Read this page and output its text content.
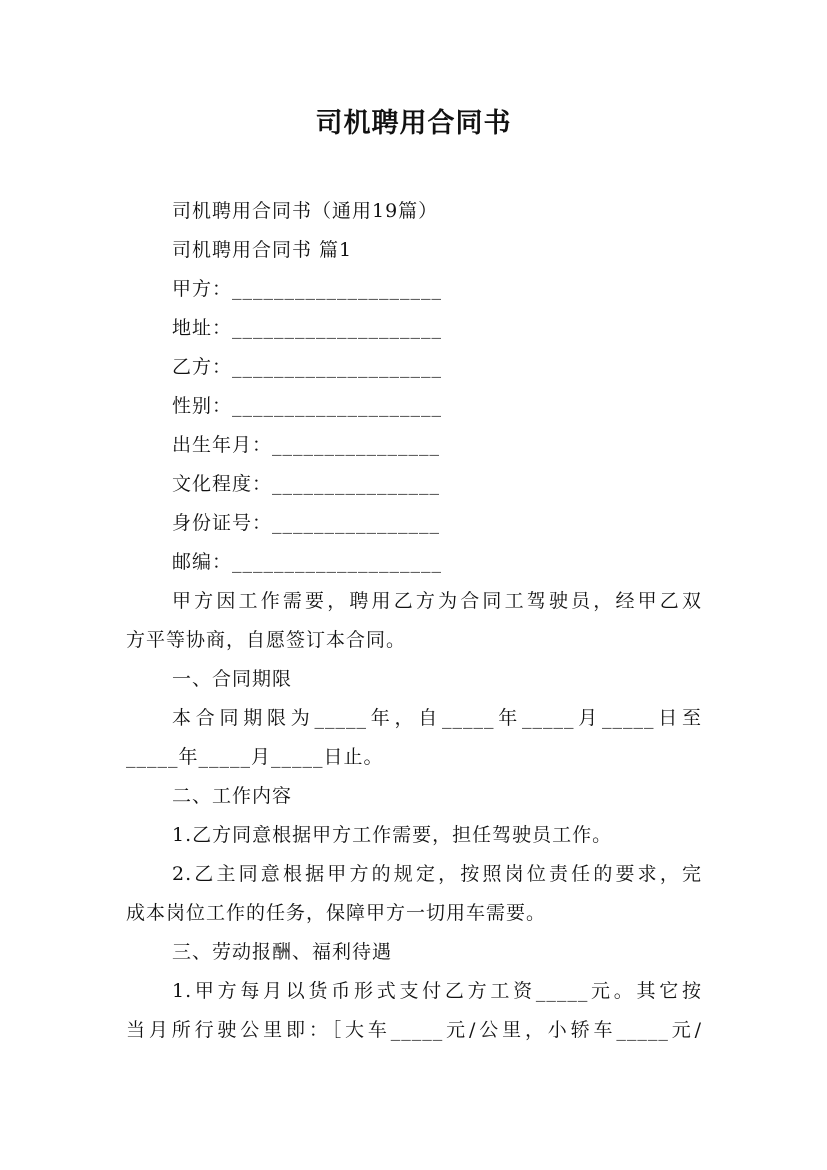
司机聘用合同书
司机聘用合同书（通用19篇）
司机聘用合同书 篇1
甲方：____________________
地址：____________________
乙方：____________________
性别：____________________
出生年月：________________
文化程度：________________
身份证号：________________
邮编：____________________
甲方因工作需要，聘用乙方为合同工驾驶员，经甲乙双
方平等协商，自愿签订本合同。
一、合同期限
本合同期限为_____年，自_____年_____月_____日至
_____年_____月_____日止。
二、工作内容
1.乙方同意根据甲方工作需要，担任驾驶员工作。
2.乙主同意根据甲方的规定，按照岗位责任的要求，完
成本岗位工作的任务，保障甲方一切用车需要。
三、劳动报酬、福利待遇
1.甲方每月以货币形式支付乙方工资_____元。其它按
当月所行驶公里即：［大车_____元/公里，小轿车_____元/
